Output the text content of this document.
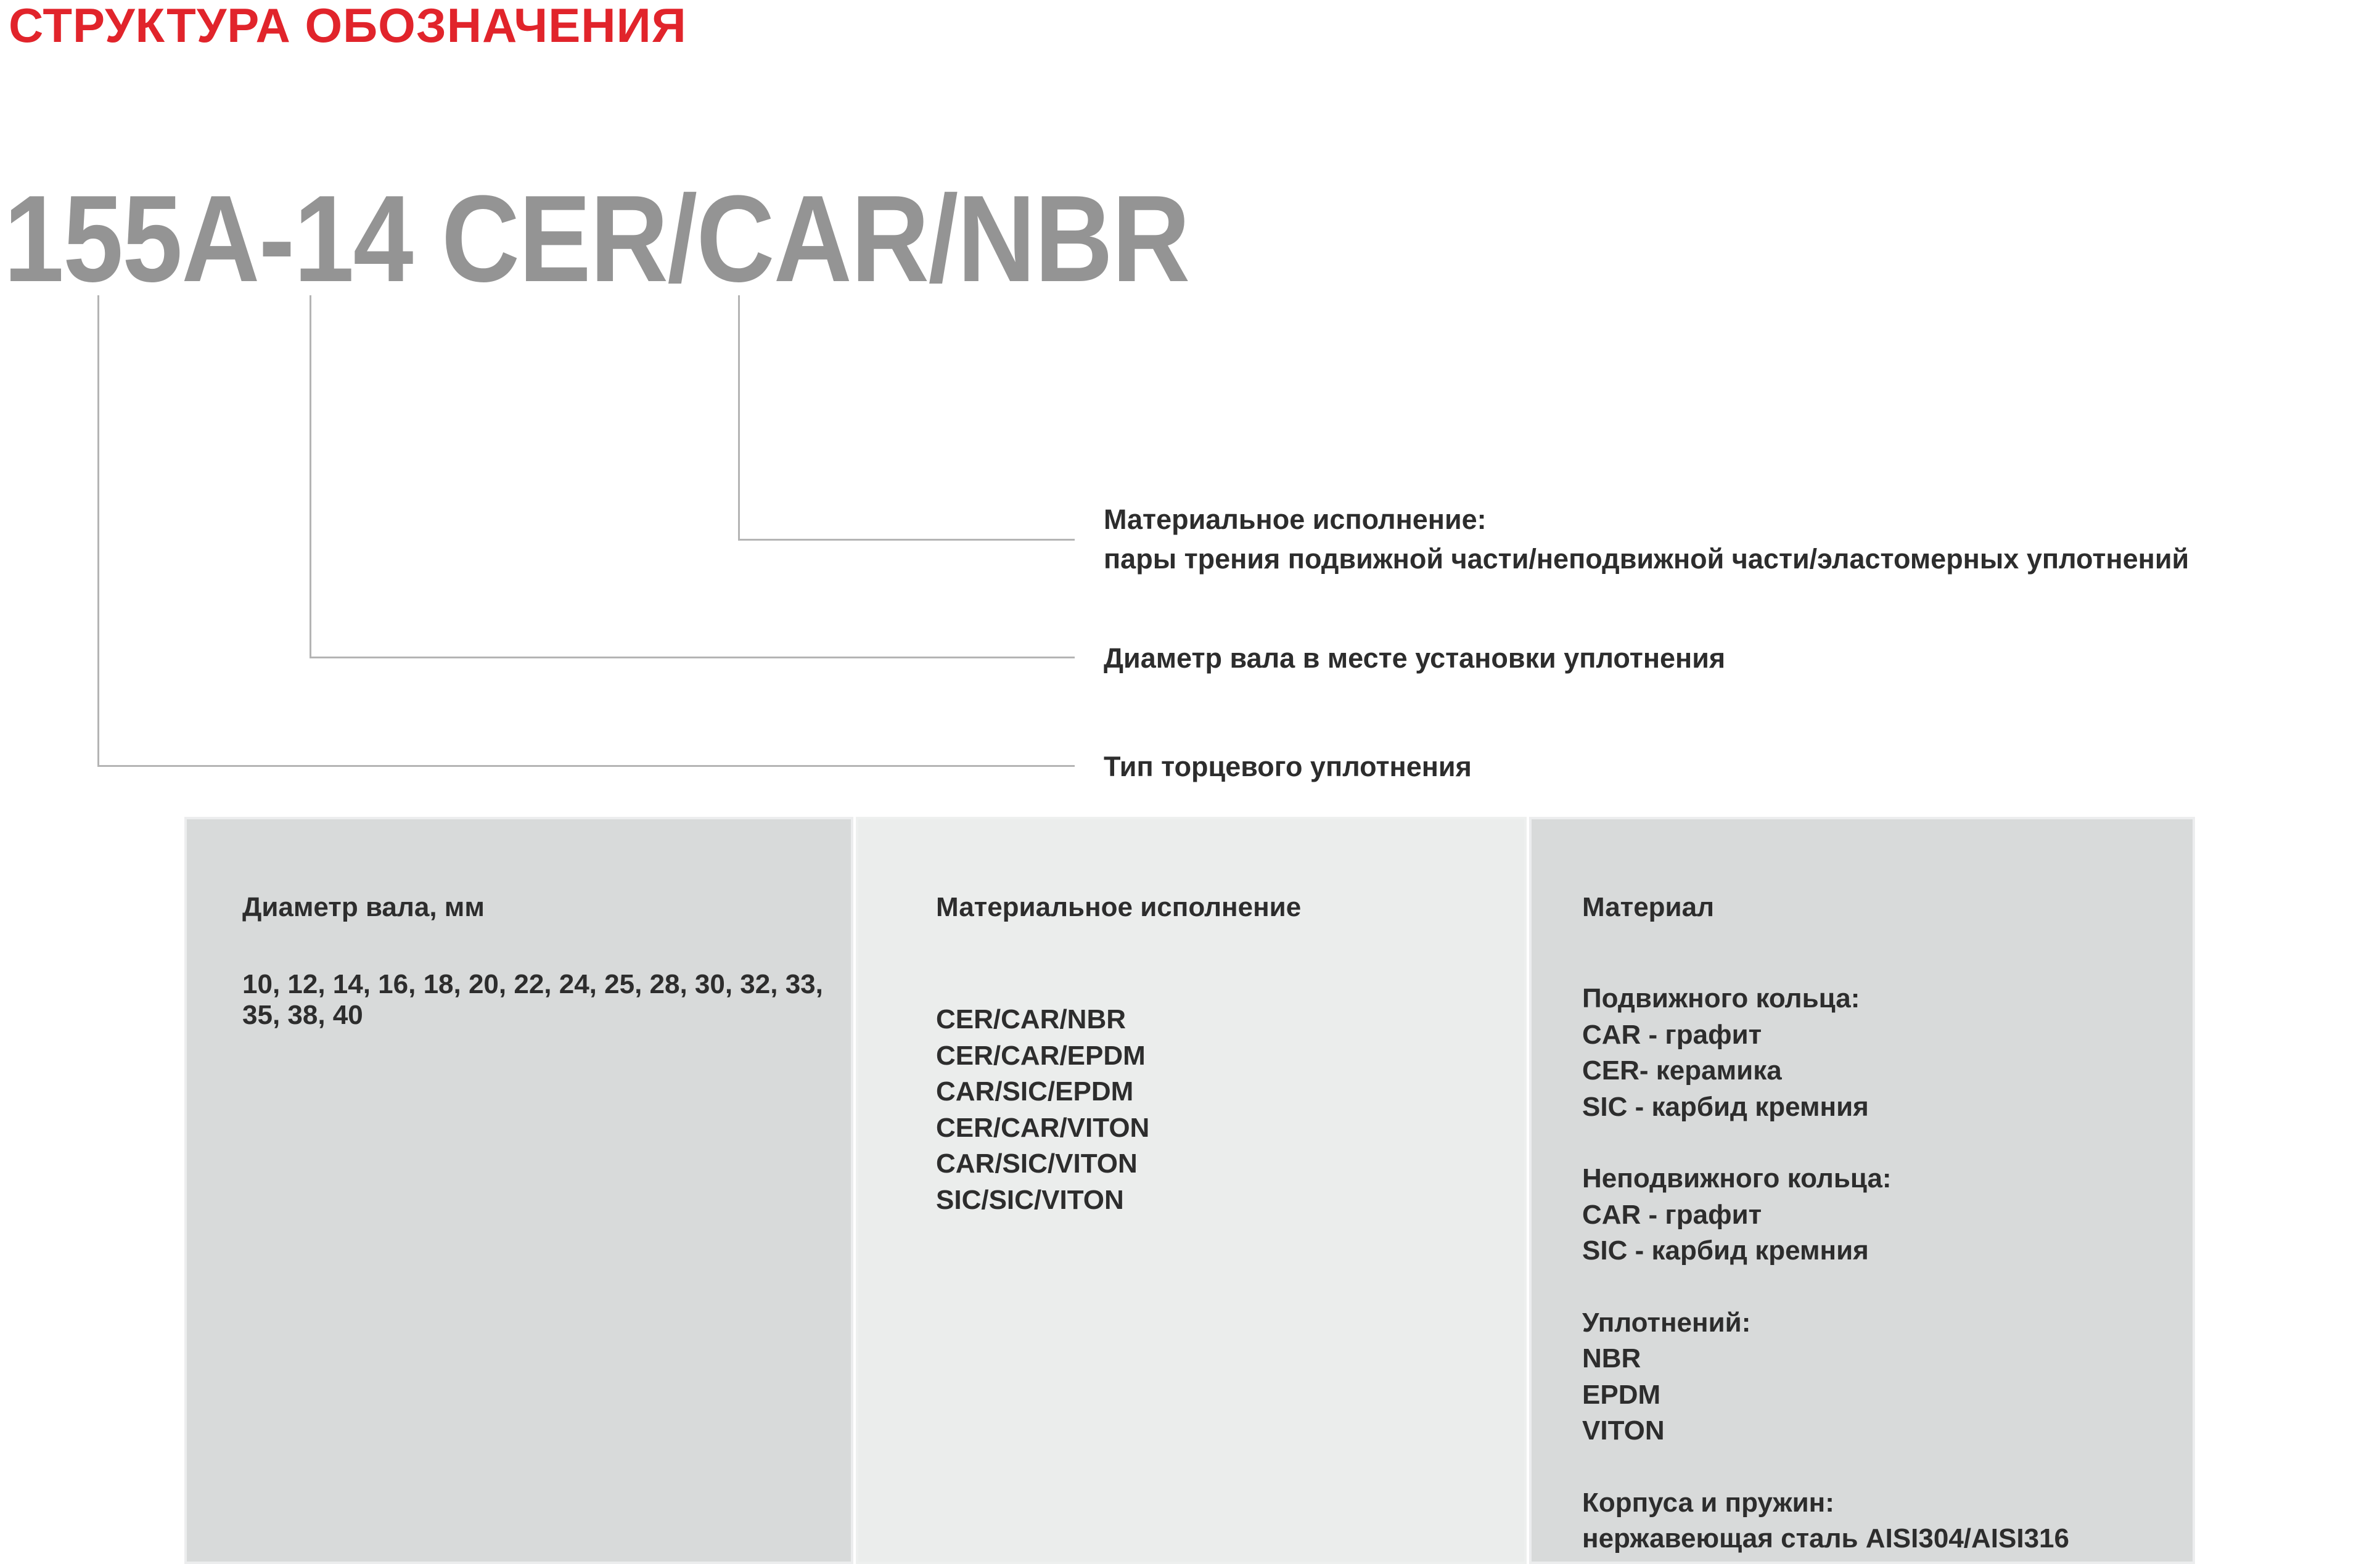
СТРУКТУРА ОБОЗНАЧЕНИЯ
155A-14 CER/CAR/NBR
Материальное исполнение:
пары трения подвижной части/неподвижной части/эластомерных уплотнений
Диаметр вала в месте установки уплотнения
Тип торцевого уплотнения
Диаметр вала, мм

10, 12, 14, 16, 18, 20, 22, 24, 25, 28, 30, 32, 33, 35, 38, 40

Материальное исполнение
CER/CAR/NBR
CER/CAR/EPDM
CAR/SIC/EPDM
CER/CAR/VITON
CAR/SIC/VITON
SIC/SIC/VITON
Материал

Подвижного кольца:

CAR - графит

CER- керамика

SIC - карбид кремния

Неподвижного кольца:

CAR - графит

SIC - карбид кремния

Уплотнений:

NBR

EPDM

VITON

Корпуса и пружин:

нержавеющая сталь AISI304/AISI316
